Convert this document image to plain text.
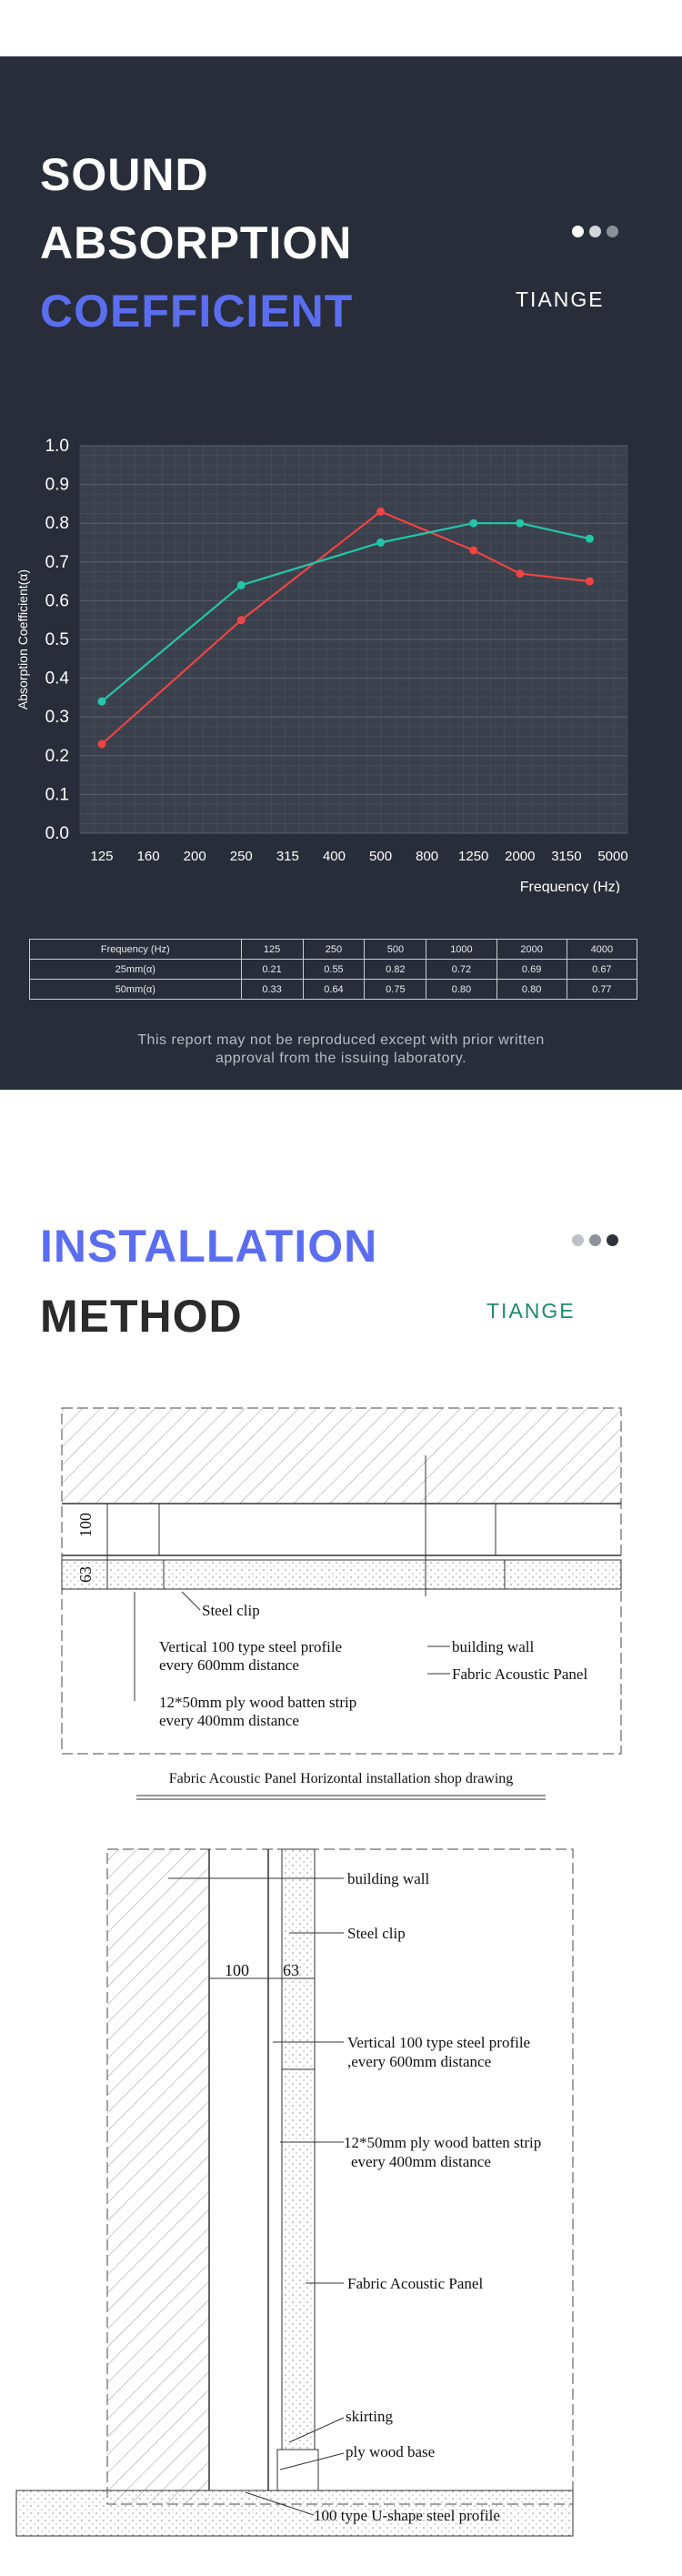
SOUND
ABSORPTION
COEFFICIENT	TIANGE
0.0
0.1
0.2
0.3
0.4
0.5
0.6
0.7
0.8
0.9
1.0
125 160 200 250 315 400 500 800 1250 2000 3150 5000
Frequency (Hz)
Absorption Coefficient(α)
Frequency (Hz)	125	250	500	1000	2000	4000
25mm(α)	0.21	0.55	0.82	0.72	0.69	0.67
50mm(α)	0.33	0.64	0.75	0.80	0.80	0.77
This report may not be reproduced except with prior written
approval from the issuing laboratory.
INSTALLATION
METHOD	TIANGE
100
63
Steel clip
Vertical 100 type steel profile
every 600mm distance
12*50mm ply wood batten strip
every 400mm distance
building wall
Fabric Acoustic Panel
Fabric Acoustic Panel Horizontal installation shop drawing
building wall
Steel clip
100 63
Vertical 100 type steel profile
,every 600mm distance
12*50mm ply wood batten strip
every 400mm distance
Fabric Acoustic Panel
skirting
ply wood base
100 type U-shape steel profile
